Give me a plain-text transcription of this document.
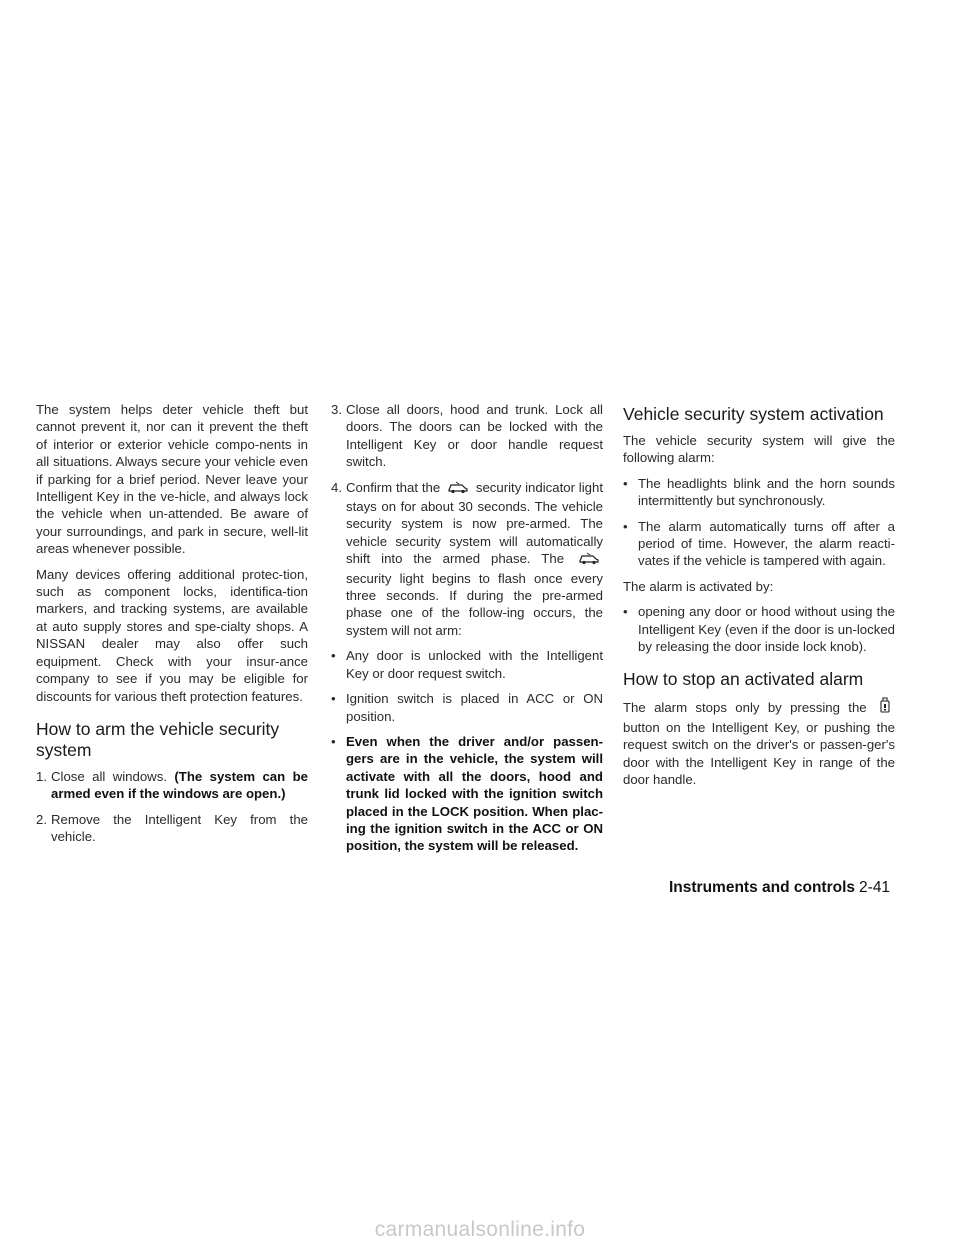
The system helps deter vehicle theft but cannot prevent it, nor can it prevent the theft of interior or exterior vehicle compo-nents in all situations. Always secure your vehicle even if parking for a brief period. Never leave your Intelligent Key in the ve-hicle, and always lock the vehicle when un-attended. Be aware of your surroundings, and park in secure, well-lit areas whenever possible.

Many devices offering additional protec-tion, such as component locks, identifica-tion markers, and tracking systems, are available at auto supply stores and spe-cialty shops. A NISSAN dealer may also offer such equipment. Check with your insur-ance company to see if you may be eligible for discounts for various theft protection features.

How to arm the vehicle security system
1. Close all windows. (The system can be armed even if the windows are open.)
2. Remove the Intelligent Key from the vehicle.
3. Close all doors, hood and trunk. Lock all doors. The doors can be locked with the Intelligent Key or door handle request switch.
4. Confirm that the	security indicator light stays on for about 30 seconds. The vehicle security system is now pre-armed. The vehicle security system will automatically shift into the armed phase. The  security light begins to flash once every three seconds. If during the pre-armed phase one of the follow-ing occurs, the system will not arm:
• Any door is unlocked with the Intelligent Key or door request switch.
• Ignition switch is placed in ACC or ON position.
• Even when the driver and/or passen-gers are in the vehicle, the system will activate with all the doors, hood and trunk lid locked with the ignition switch placed in the LOCK position. When plac-ing the ignition switch in the ACC or ON position, the system will be released.
Vehicle security system activation

The vehicle security system will give the following alarm:

• The headlights blink and the horn sounds intermittently but synchronously.
• The alarm automatically turns off after a period of time. However, the alarm reacti-vates if the vehicle is tampered with again.

The alarm is activated by:

• opening any door or hood without using the Intelligent Key (even if the door is un-locked by releasing the door inside lock knob).
How to stop an activated alarm

The alarm stops only by pressing the  button on the Intelligent Key, or pushing the request switch on the driver's or passen-ger's door with the Intelligent Key in range of the door handle.

Instruments and controls 2-41
carmanualsonline.info
